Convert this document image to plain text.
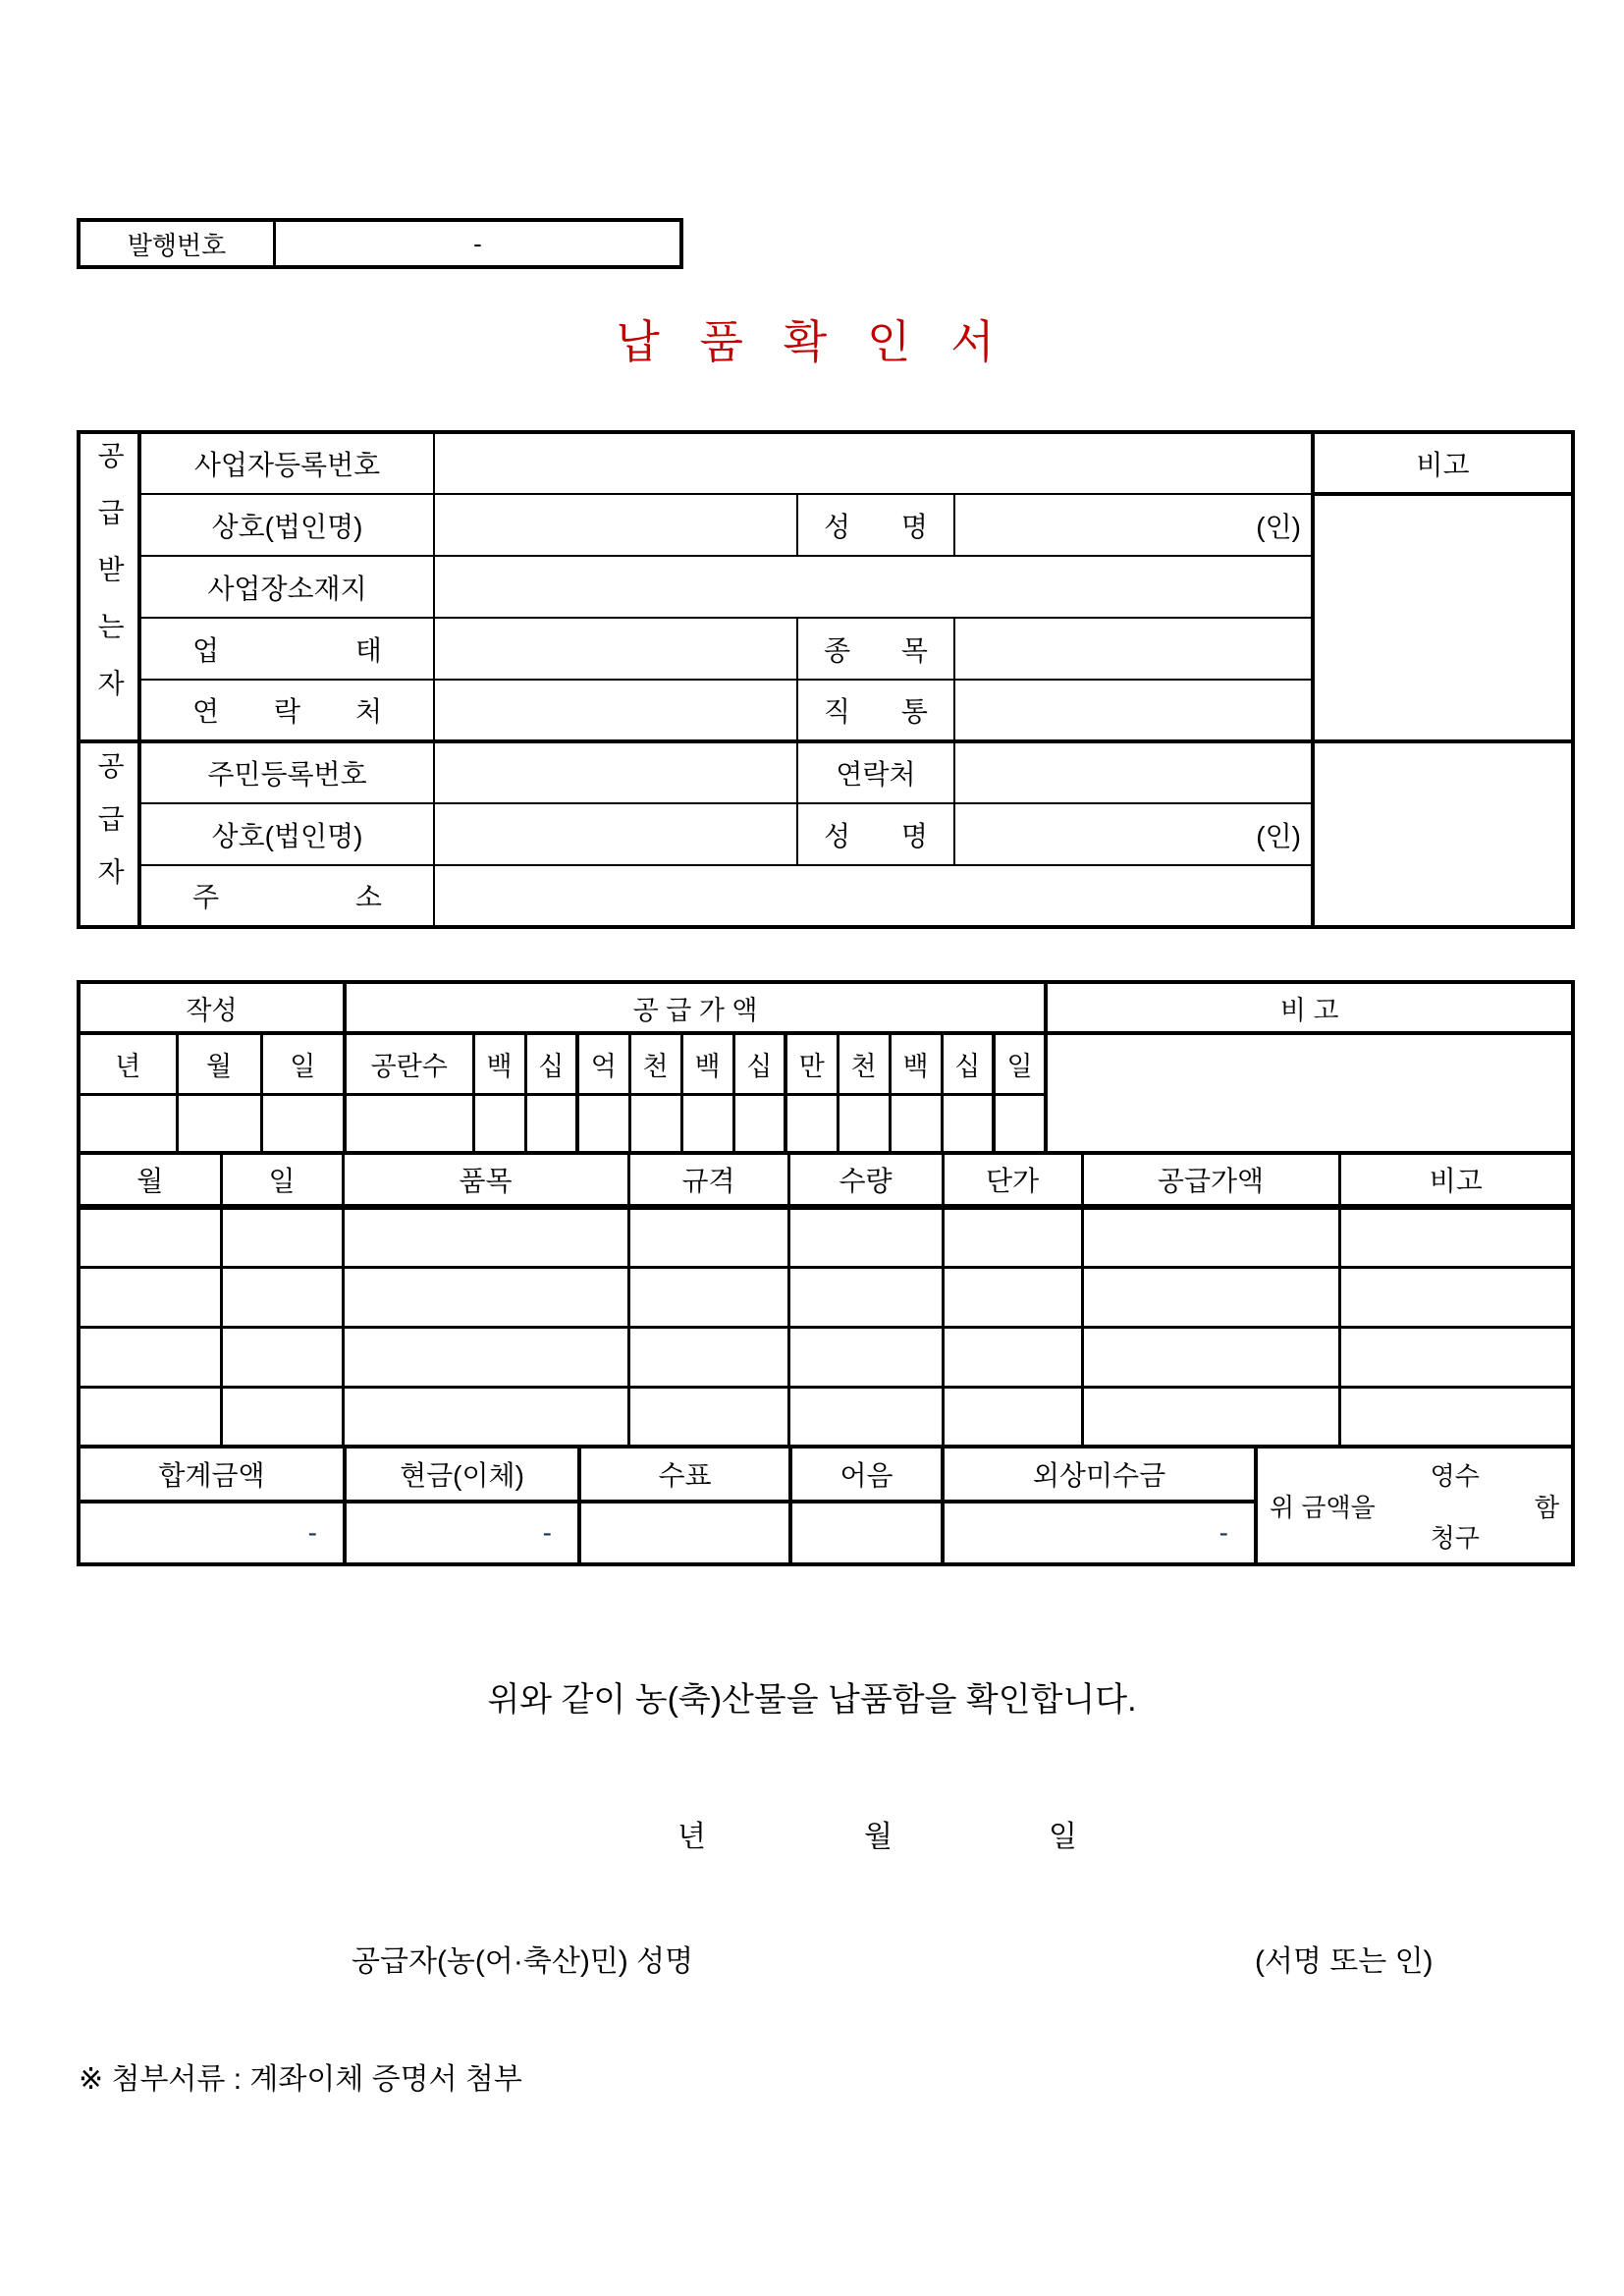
발행번호	-
납 품 확 인 서
공급받는자	사업자등록번호				비고
	상호(법인명)		성 명	(인)	
	사업장소재지				
	업 태		종 목		
	연 락 처		직 통		
공급자	주민등록번호		연락처		
	상호(법인명)		성 명	(인)	
	주 소				
작성			공 급 가 액												비 고
년	월	일	공란수	백	십	억	천	백	십	만	천	백	십	일	

월	일	품목	규격	수량	단가	공급가액	비고

합계금액	현금(이체)	수표	어음	외상미수금	위 금액을
영수
청구
함

-	-			-	
위와 같이 농(축)산물을 납품함을 확인합니다.
년	월	일
공급자(농(어·축산)민) 성명	(서명 또는 인)
※ 첨부서류 : 계좌이체 증명서 첨부
